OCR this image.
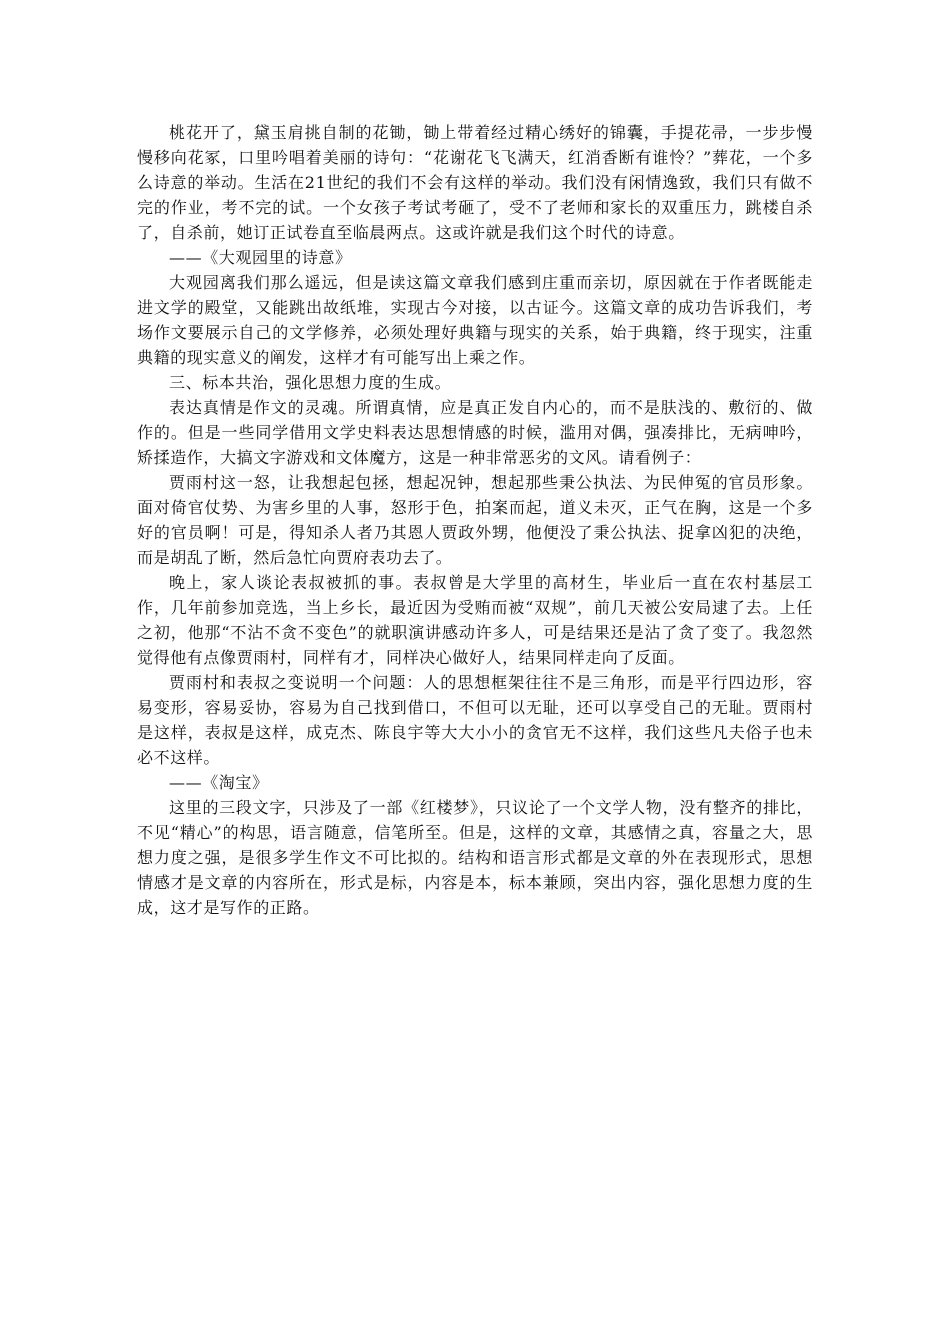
桃花开了，黛玉肩挑自制的花锄，锄上带着经过精心绣好的锦囊，手提花帚，一步步慢慢移向花冢，口里吟唱着美丽的诗句：“花谢花飞飞满天，红消香断有谁怜？”葬花，一个多么诗意的举动。生活在21世纪的我们不会有这样的举动。我们没有闲情逸致，我们只有做不完的作业，考不完的试。一个女孩子考试考砸了，受不了老师和家长的双重压力，跳楼自杀了，自杀前，她订正试卷直至临晨两点。这或许就是我们这个时代的诗意。

——《大观园里的诗意》

大观园离我们那么遥远，但是读这篇文章我们感到庄重而亲切，原因就在于作者既能走进文学的殿堂，又能跳出故纸堆，实现古今对接，以古证今。这篇文章的成功告诉我们，考场作文要展示自己的文学修养，必须处理好典籍与现实的关系，始于典籍，终于现实，注重典籍的现实意义的阐发，这样才有可能写出上乘之作。

三、标本共治，强化思想力度的生成。

表达真情是作文的灵魂。所谓真情，应是真正发自内心的，而不是肤浅的、敷衍的、做作的。但是一些同学借用文学史料表达思想情感的时候，滥用对偶，强凑排比，无病呻吟，矫揉造作，大搞文字游戏和文体魔方，这是一种非常恶劣的文风。请看例子：

贾雨村这一怒，让我想起包拯，想起况钟，想起那些秉公执法、为民伸冤的官员形象。面对倚官仗势、为害乡里的人事，怒形于色，拍案而起，道义未灭，正气在胸，这是一个多好的官员啊！可是，得知杀人者乃其恩人贾政外甥，他便没了秉公执法、捉拿凶犯的决绝，而是胡乱了断，然后急忙向贾府表功去了。

晚上，家人谈论表叔被抓的事。表叔曾是大学里的高材生，毕业后一直在农村基层工作，几年前参加竞选，当上乡长，最近因为受贿而被“双规”，前几天被公安局逮了去。上任之初，他那“不沾不贪不变色”的就职演讲感动许多人，可是结果还是沾了贪了变了。我忽然觉得他有点像贾雨村，同样有才，同样决心做好人，结果同样走向了反面。

贾雨村和表叔之变说明一个问题：人的思想框架往往不是三角形，而是平行四边形，容易变形，容易妥协，容易为自己找到借口，不但可以无耻，还可以享受自己的无耻。贾雨村是这样，表叔是这样，成克杰、陈良宇等大大小小的贪官无不这样，我们这些凡夫俗子也未必不这样。

——《淘宝》

这里的三段文字，只涉及了一部《红楼梦》，只议论了一个文学人物，没有整齐的排比，不见“精心”的构思，语言随意，信笔所至。但是，这样的文章，其感情之真，容量之大，思想力度之强，是很多学生作文不可比拟的。结构和语言形式都是文章的外在表现形式，思想情感才是文章的内容所在，形式是标，内容是本，标本兼顾，突出内容，强化思想力度的生成，这才是写作的正路。
